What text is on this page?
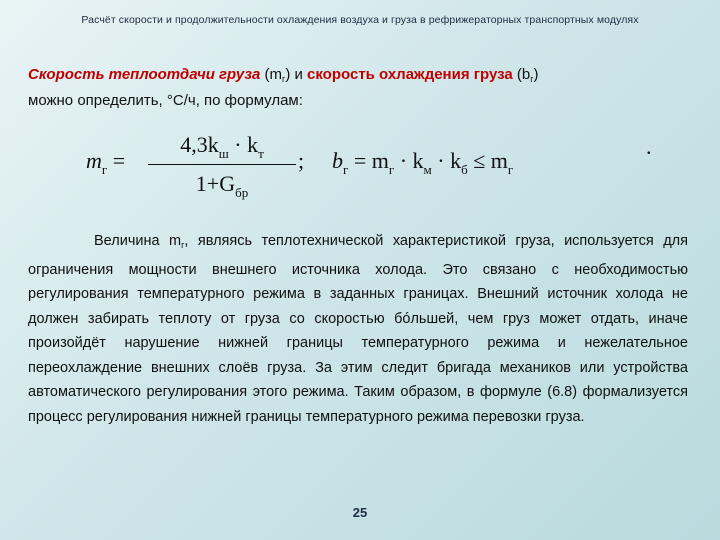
Расчёт скорости и продолжительности охлаждения воздуха и груза в рефрижераторных транспортных модулях
Скорость теплоотдачи груза $(m_г)$ и скорость охлаждения груза $(b_г)$
можно определить, °С/ч, по формулам:
$m_г$ =
$4,3k_ш \cdot k_т$
$1+G_{бр}$
; $b_г = m_г \cdot k_м \cdot k_б \le m_г$
.
Величина $m_г$, являясь теплотехнической характеристикой груза, используется для ограничения мощности внешнего источника холода. Это связано с необходимостью регулирования температурного режима в заданных границах. Внешний источник холода не должен забирать теплоту от груза со скоростью бóльшей, чем груз может отдать, иначе произойдёт нарушение нижней границы температурного режима и нежелательное переохлаждение внешних слоёв груза. За этим следит бригада механиков или устройства автоматического регулирования этого режима. Таким образом, в формуле (6.8) формализуется процесс регулирования нижней границы температурного режима перевозки груза.
25
